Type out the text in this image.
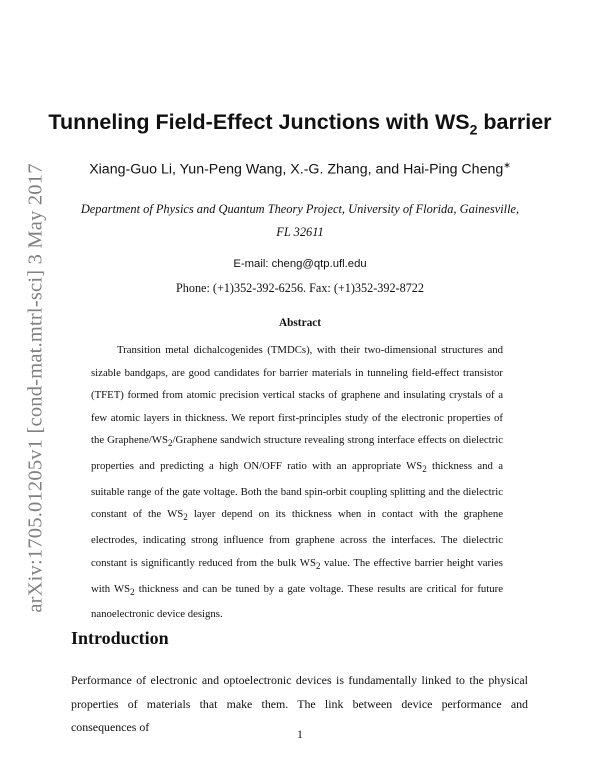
arXiv:1705.01205v1 [cond-mat.mtrl-sci] 3 May 2017
Tunneling Field-Effect Junctions with $WS_2$ barrier
Xiang-Guo Li, Yun-Peng Wang, X.-G. Zhang, and Hai-Ping Cheng∗
Department of Physics and Quantum Theory Project, University of Florida, Gainesville, FL 32611
E-mail: cheng@qtp.ufl.edu
Phone: (+1)352-392-6256. Fax: (+1)352-392-8722
Abstract

Transition metal dichalcogenides (TMDCs), with their two-dimensional structures and sizable bandgaps, are good candidates for barrier materials in tunneling field-effect transistor (TFET) formed from atomic precision vertical stacks of graphene and insulating crystals of a few atomic layers in thickness. We report first-principles study of the electronic properties of the Graphene/$WS_2$/Graphene sandwich structure revealing strong interface effects on dielectric properties and predicting a high ON/OFF ratio with an appropriate $WS_2$ thickness and a suitable range of the gate voltage. Both the band spin-orbit coupling splitting and the dielectric constant of the $WS_2$ layer depend on its thickness when in contact with the graphene electrodes, indicating strong influence from graphene across the interfaces. The dielectric constant is significantly reduced from the bulk $WS_2$ value. The effective barrier height varies with $WS_2$ thickness and can be tuned by a gate voltage. These results are critical for future nanoelectronic device designs.

Introduction

Performance of electronic and optoelectronic devices is fundamentally linked to the physical properties of materials that make them. The link between device performance and consequences of	1
